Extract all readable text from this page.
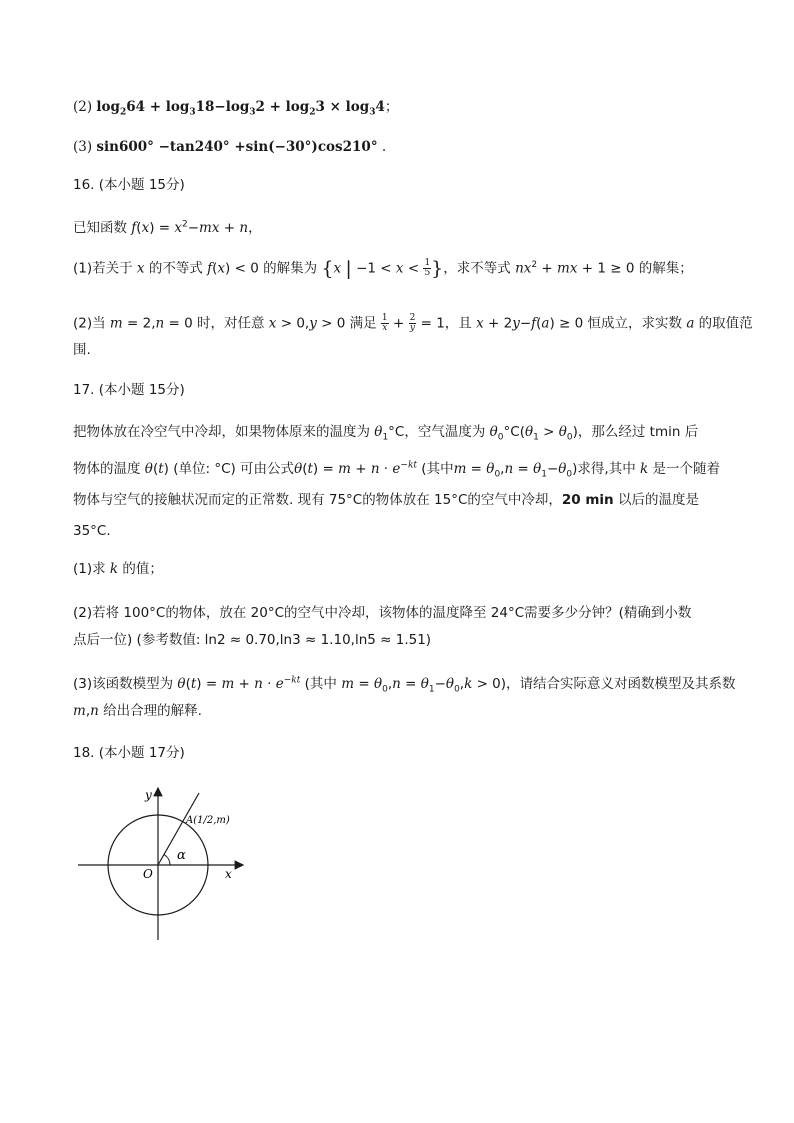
(2) $\log_264 + \log_318-\log_32 + \log_23 \times \log_34$；
(3) sin600° −tan240° +sin(−30°)cos210° .
16. (本小题 15分)
已知函数 $f(x) = x^2-mx + n$，
(1)若关于 x 的不等式 f(x) < 0 的解集为 {x | $-1 < x < \frac{1}{5}$ }，求不等式 $nx^2$ + mx + 1 ≥ 0 的解集；
(2)当 m = 2,n = 0 时，对任意 x > 0,y > 0 满足 $\frac{1}{x} + \frac{2}{y} = 1$，且 x + 2y−f(a) ≥ 0 恒成立，求实数 a 的取值范
围.
17. (本小题 15分)
把物体放在冷空气中冷却，如果物体原来的温度为 $\theta_1^\circ C$，空气温度为 $\theta_0^\circ C(\theta_1 > \theta_0)$，那么经过 tmin 后
物体的温度 θ(t) (单位: °C) 可由公式$\theta(t) = m + n \cdot e^{-kt}$ (其中$m = \theta_0,n = \theta_1-\theta_0$)求得,其中 k 是一个随着
物体与空气的接触状况而定的正常数. 现有 75°C的物体放在 15°C的空气中冷却，20 min 以后的温度是
35°C.
(1)求 k 的值；
(2)若将 100°C的物体，放在 20°C的空气中冷却，该物体的温度降至 24°C需要多少分钟？(精确到小数
点后一位) (参考数值: ln2 ≈ 0.70,ln3 ≈ 1.10,ln5 ≈ 1.51)
(3)该函数模型为 $\theta(t) = m + n \cdot e^{-kt}$ (其中 $m = \theta_0,n = \theta_1-\theta_0,k > 0$)，请结合实际意义对函数模型及其系数
m,n 给出合理的解释.
18. (本小题 17分)
y
x
O
α
A(1/2,m)
